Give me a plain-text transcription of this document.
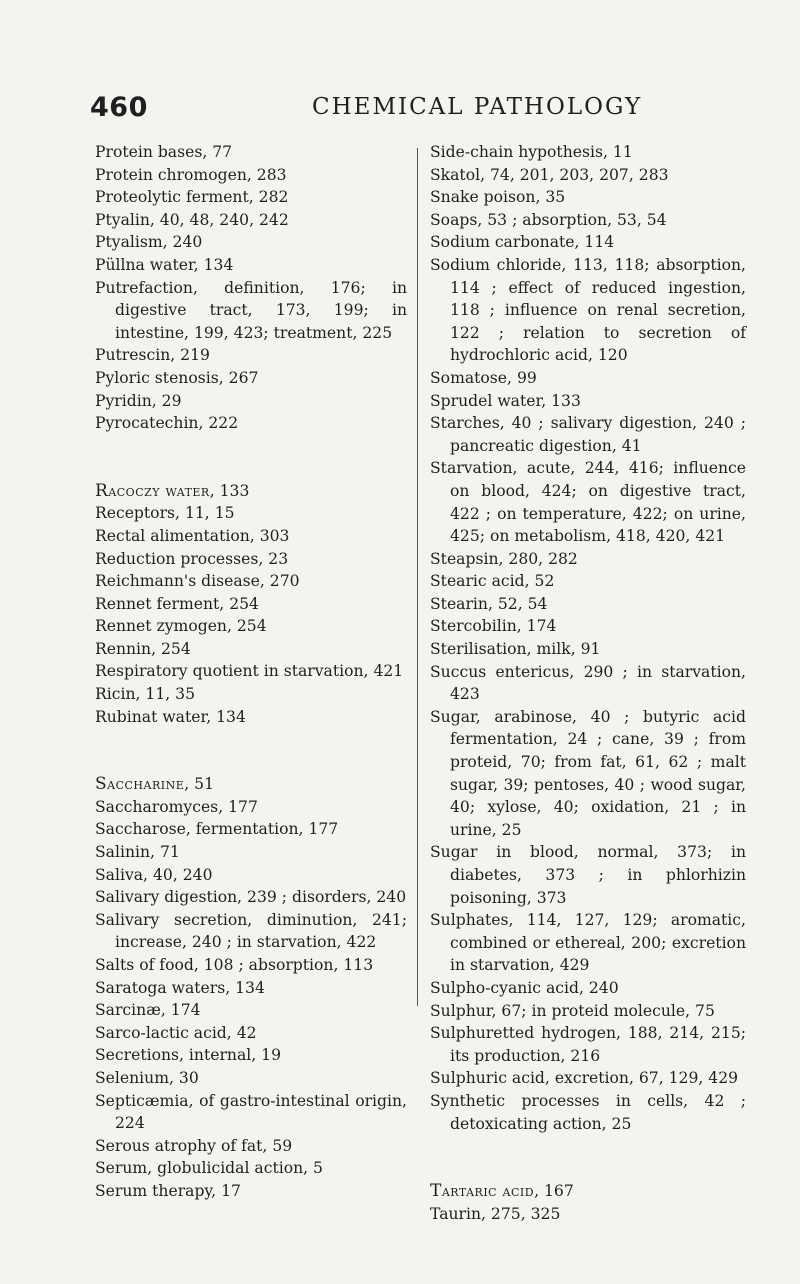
460	CHEMICAL PATHOLOGY

Protein bases, 77

Protein chromogen, 283

Proteolytic ferment, 282

Ptyalin, 40, 48, 240, 242

Ptyalism, 240

Püllna water, 134

Putrefaction, definition, 176; in digestive tract, 173, 199; in intestine, 199, 423; treatment, 225

Putrescin, 219

Pyloric stenosis, 267

Pyridin, 29

Pyrocatechin, 222

Racoczy water, 133

Receptors, 11, 15

Rectal alimentation, 303

Reduction processes, 23

Reichmann's disease, 270

Rennet ferment, 254

Rennet zymogen, 254

Rennin, 254

Respiratory quotient in starvation, 421

Ricin, 11, 35

Rubinat water, 134

Saccharine, 51

Saccharomyces, 177

Saccharose, fermentation, 177

Salinin, 71

Saliva, 40, 240

Salivary digestion, 239 ; disorders, 240

Salivary secretion, diminution, 241; increase, 240 ; in starvation, 422

Salts of food, 108 ; absorption, 113

Saratoga waters, 134

Sarcinæ, 174

Sarco-lactic acid, 42

Secretions, internal, 19

Selenium, 30

Septicæmia, of gastro-intestinal origin, 224

Serous atrophy of fat, 59

Serum, globulicidal action, 5

Serum therapy, 17

Side-chain hypothesis, 11

Skatol, 74, 201, 203, 207, 283

Snake poison, 35

Soaps, 53 ; absorption, 53, 54

Sodium carbonate, 114

Sodium chloride, 113, 118; absorption, 114 ; effect of reduced ingestion, 118 ; influence on renal secretion, 122 ; relation to secretion of hydrochloric acid, 120

Somatose, 99

Sprudel water, 133

Starches, 40 ; salivary digestion, 240 ; pancreatic digestion, 41

Starvation, acute, 244, 416; influence on blood, 424; on digestive tract, 422 ; on temperature, 422; on urine, 425; on metabolism, 418, 420, 421

Steapsin, 280, 282

Stearic acid, 52

Stearin, 52, 54

Stercobilin, 174

Sterilisation, milk, 91

Succus entericus, 290 ; in starvation, 423

Sugar, arabinose, 40 ; butyric acid fermentation, 24 ; cane, 39 ; from proteid, 70; from fat, 61, 62 ; malt sugar, 39; pentoses, 40 ; wood sugar, 40; xylose, 40; oxidation, 21 ; in urine, 25

Sugar in blood, normal, 373; in diabetes, 373 ; in phlorhizin poisoning, 373

Sulphates, 114, 127, 129; aromatic, combined or ethereal, 200; excretion in starvation, 429

Sulpho-cyanic acid, 240

Sulphur, 67; in proteid molecule, 75

Sulphuretted hydrogen, 188, 214, 215; its production, 216

Sulphuric acid, excretion, 67, 129, 429

Synthetic processes in cells, 42 ; detoxicating action, 25

Tartaric acid, 167

Taurin, 275, 325
